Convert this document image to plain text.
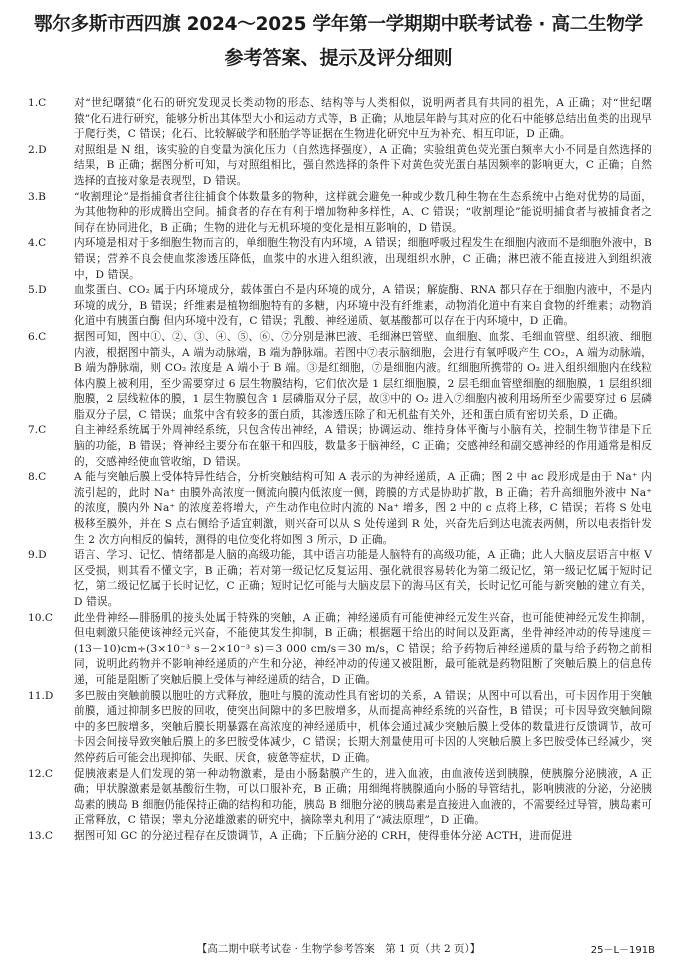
鄂尔多斯市西四旗 2024～2025 学年第一学期期中联考试卷 · 高二生物学
参考答案、提示及评分细则
1.C	对“世纪曙猿”化石的研究发现灵长类动物的形态、结构等与人类相似，说明两者具有共同的祖先，A 正确；对“世纪曙猿”化石进行研究，能够分析出其体型大小和运动方式等，B 正确；从地层年龄与其对应的化石中能够总结出鱼类的出现早于爬行类，C 错误；化石、比较解破学和胚胎学等证据在生物进化研究中互为补充、相互印证，D 正确。
2.D	对照组是 N 组，该实验的自变量为演化压力（自然选择强度），A 正确；实验组黄色荧光蛋白频率大小不同是自然选择的结果，B 正确；据图分析可知，与对照组相比，强自然选择的条件下对黄色荧光蛋白基因频率的影响更大，C 正确；自然选择的直接对象是表现型，D 错误。
3.B	“收割理论”是指捕食者往往捕食个体数量多的物种，这样就会避免一种或少数几种生物在生态系统中占绝对优势的局面，为其他物种的形成腾出空间。捕食者的存在有利于增加物种多样性，A、C 错误；“收割理论”能说明捕食者与被捕食者之间存在协同进化，B 正确；生物的进化与无机环境的变化是相互影响的，D 错误。
4.C	内环境是相对于多细胞生物而言的，单细胞生物没有内环境，A 错误；细胞呼吸过程发生在细胞内液而不是细胞外液中，B 错误；营养不良会使血浆渗透压降低，血浆中的水进入组织液，出现组织水肿，C 正确；淋巴液不能直接进入到组织液中，D 错误。
5.D	血浆蛋白、CO₂ 属于内环境成分，载体蛋白不是内环境的成分，A 错误；解旋酶、RNA 都只存在于细胞内液中，不是内环境的成分，B 错误；纤维素是植物细胞特有的多糖，内环境中没有纤维素，动物消化道中有来自食物的纤维素；动物消化道中有胰蛋白酶 但内环境中没有，C 错误；乳酸、神经递质、氨基酸都可以存在于内环境中，D 正确。
6.C	据图可知，图中①、②、③、④、⑤、⑥、⑦分别是淋巴液、毛细淋巴管壁、血细胞、血浆、毛细血管壁、组织液、细胞内液，根据图中箭头，A 端为动脉端，B 端为静脉端。若图中⑦表示脑细胞，会进行有氧呼吸产生 CO₂，A 端为动脉端，B 端为静脉端，则 CO₂ 浓度是 A 端小于 B 端。③是红细胞，⑦是细胞内液。红细胞所携带的 O₂ 进入组织细胞内在线粒体内膜上被利用，至少需要穿过 6 层生物膜结构，它们依次是 1 层红细胞膜，2 层毛细血管壁细胞的细胞膜，1 层组织细胞膜，2 层线粒体的膜，1 层生物膜包含 1 层磷脂双分子层，故③中的 O₂ 进入⑦细胞内被利用场所至少需要穿过 6 层磷脂双分子层，C 错误；血浆中含有较多的蛋白质，其渗透压除了和无机盐有关外，还和蛋白质有密切关系，D 正确。
7.C	自主神经系统属于外周神经系统，只包含传出神经，A 错误；协调运动、维持身体平衡与小脑有关，控制生物节律是下丘脑的功能，B 错误；脊神经主要分布在躯干和四肢，数量多于脑神经，C 正确；交感神经和副交感神经的作用通常是相反的，交感神经使血管收缩，D 错误。
8.C	A 能与突触后膜上受体特异性结合，分析突触结构可知 A 表示的为神经递质，A 正确；图 2 中 ac 段形成是由于 Na⁺ 内流引起的，此时 Na⁺ 由膜外高浓度一侧流向膜内低浓度一侧，跨膜的方式是协助扩散，B 正确；若升高细胞外液中 Na⁺ 的浓度，膜内外 Na⁺ 的浓度差将增大，产生动作电位时内流的 Na⁺ 增多，图 2 中的 c 点将上移，C 错误；若将 S 处电极移至膜外，并在 S 点右侧给予适宜刺激，则兴奋可以从 S 处传递到 R 处，兴奋先后到达电流表两侧，所以电表指针发生 2 次方向相反的偏转，测得的电位变化将如图 3 所示，D 正确。
9.D	语言、学习、记忆、情绪都是人脑的高级功能，其中语言功能是人脑特有的高级功能，A 正确；此人大脑皮层语言中枢 V 区受损，则其看不懂文字，B 正确；若对第一级记忆反复运用、强化就很容易转化为第二级记忆，第一级记忆属于短时记忆，第二级记忆属于长时记忆，C 正确；短时记忆可能与大脑皮层下的海马区有关，长时记忆可能与新突触的建立有关，D 错误。
10.C	此坐骨神经—腓肠肌的接头处属于特殊的突触，A 正确；神经递质有可能使神经元发生兴奋，也可能使神经元发生抑制，但电刺激只能使该神经元兴奋，不能使其发生抑制，B 正确；根据题干给出的时间以及距离，坐骨神经冲动的传导速度＝(13－10)cm÷(3×10⁻³ s－2×10⁻³ s)＝3 000 cm/s＝30 m/s，C 错误；给予药物后神经递质的量与给予药物之前相同，说明此药物并不影响神经递质的产生和分泌，神经冲动的传递又被阻断，最可能就是药物阻断了突触后膜上的信息传递，可能是阻断了突触后膜上受体与神经递质的结合，D 正确。
11.D	多巴胺由突触前膜以胞吐的方式释放，胞吐与膜的流动性具有密切的关系，A 错误；从图中可以看出，可卡因作用于突触前膜，通过抑制多巴胺的回收，使突出间隙中的多巴胺增多，从而提高神经系统的兴奋性，B 错误；可卡因导致突触间隙中的多巴胺增多，突触后膜长期暴露在高浓度的神经递质中，机体会通过减少突触后膜上受体的数量进行反馈调节，故可卡因会间接导致突触后膜上的多巴胺受体减少，C 错误；长期大剂量使用可卡因的人突触后膜上多巴胺受体已经减少，突然停药后可能会出现抑郁、失眠、厌食，疲惫等症状，D 正确。
12.C	促胰液素是人们发现的第一种动物激素，是由小肠黏膜产生的，进入血液，由血液传送到胰腺，使胰腺分泌胰液，A 正确；甲状腺激素是氨基酸衍生物，可以口服补充，B 正确；用细绳将胰腺通向小肠的导管结扎，影响胰液的分泌，分泌胰岛素的胰岛 B 细胞仍能保持正确的结构和功能，胰岛 B 细胞分泌的胰岛素是直接进入血液的，不需要经过导管，胰岛素可正常释放，C 错误；睾丸分泌雄激素的研究中，摘除睾丸利用了“减法原理”，D 正确。
13.C	据图可知 GC 的分泌过程存在反馈调节，A 正确；下丘脑分泌的 CRH，使得垂体分泌 ACTH，进而促进
【高二期中联考试卷 · 生物学参考答案　第 1 页（共 2 页）】	25－L－191B
